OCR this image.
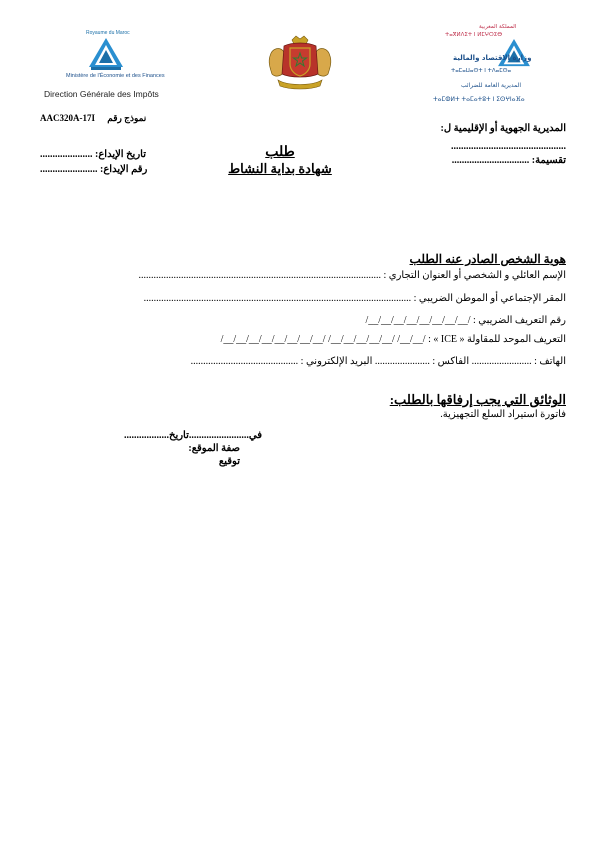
Royaume du Maroc
Ministère de l'Économie et des Finances
Direction Générale des Impôts
المملكة المغربية
ⵜⴰⴳⵍⴷⵉⵜ ⵏ ⵍⵎⵖⵔⵉⴱ
وزارة الاقتصاد والمالية
ⵜⴰⵎⴰⵡⴰⵙⵜ ⵏ ⵜⴷⴰⵎⵙⴰ
المديرية العامة للضرائب
ⵜⴰⵎⵀⵍⵜ ⵜⴰⵎⴰⵜⵓⵜ ⵏ ⵉⵙⵖⵏⴰⴼⴰ
AAC320A-17I نموذج رقم
تاريخ الإيداع: .....................
رقم الإيداع: .......................
طلب
شهادة بداية النشاط
المديرية الجهوية أو الإقليمية ل:
..............................................
تقسيمة: ...............................
هوية الشخص الصادر عنه الطلب
الإسم العائلي و الشخصي أو العنوان التجاري : .................................................................................................
المقر الإجتماعي أو الموطن الضريبي : ...........................................................................................................
رقم التعريف الضريبي : /__/__/__/__/__/__/__/__/
التعريف الموحد للمقاولة « ICE » : /__/__/ /__/__/__/__/__/ /__/__/__/__/__/__/__/__/
الهاتف : ........................ الفاكس : ...................... البريد الإلكتروني : ...........................................
الوثائق التي يجب إرفاقها بالطلب:
فاتورة استيراد السلع التجهيزية.
في........................تاريخ..................
صفة الموقع:
توقيع
